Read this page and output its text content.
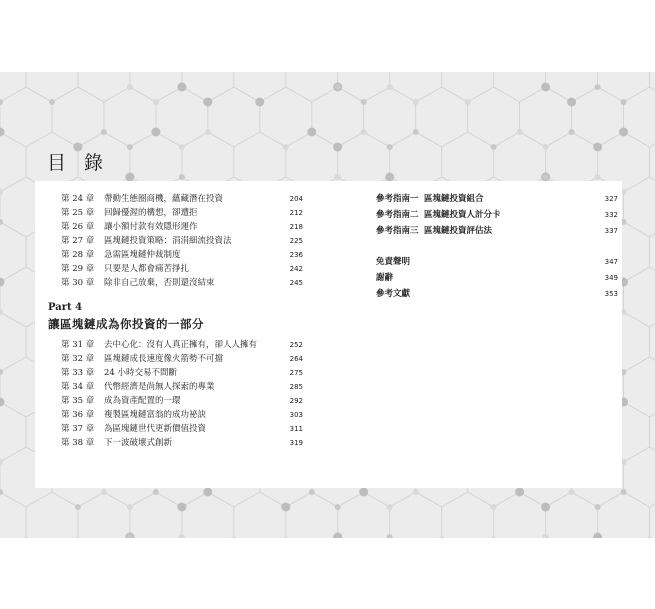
目 錄
第 24 章	帶動生態圈商機，蘊藏潛在投資	204
第 25 章	回歸優渥的構想，卻遭拒	212
第 26 章	讓小額付款有效隱形運作	218
第 27 章	區塊鏈投資策略：涓涓細流投資法	225
第 28 章	急需區塊鏈仲裁制度	236
第 29 章	只要是人都會痛苦掙扎	242
第 30 章	除非自己放棄，否則還沒結束	245
Part 4
讓區塊鏈成為你投資的一部分
第 31 章	去中心化：沒有人真正擁有，卻人人擁有	252
第 32 章	區塊鏈成長速度像火箭勢不可擋	264
第 33 章	24 小時交易不間斷	275
第 34 章	代幣經濟是尚無人探索的專業	285
第 35 章	成為資產配置的一環	292
第 36 章	複製區塊鏈富翁的成功祕訣	303
第 37 章	為區塊鏈世代更新價值投資	311
第 38 章	下一波破壞式創新	319
參考指南一 區塊鏈投資組合	327
參考指南二 區塊鏈投資人計分卡	332
參考指南三 區塊鏈投資評估法	337
免責聲明	347
謝辭	349
參考文獻	353
